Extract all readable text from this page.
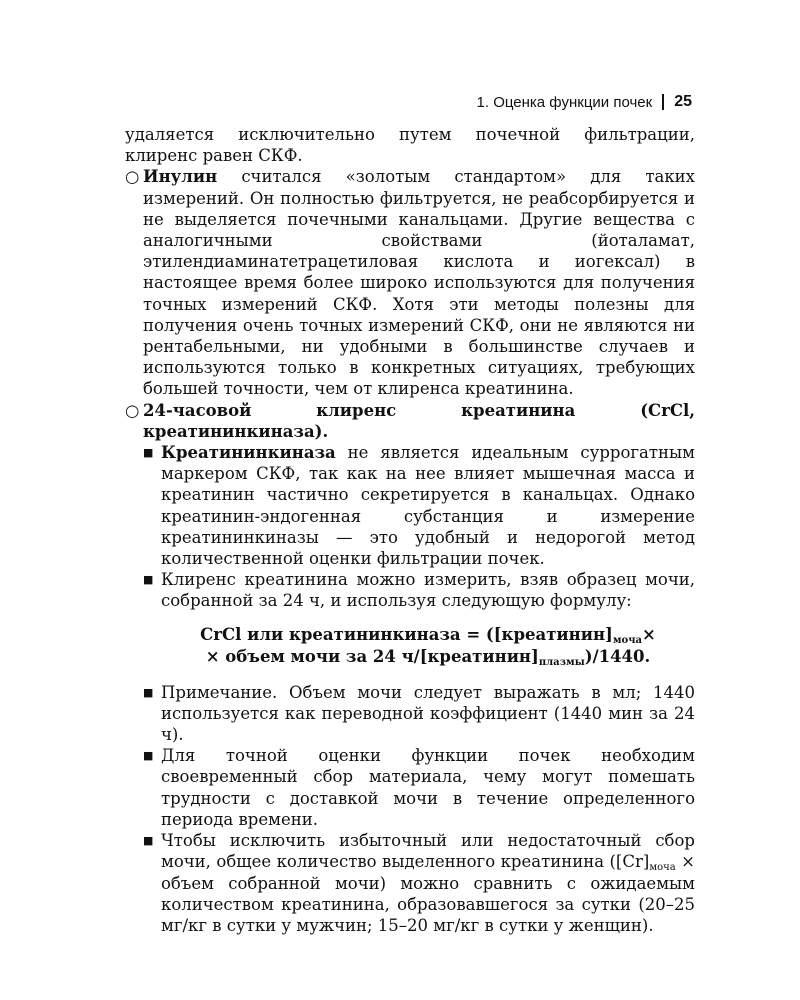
1. Оценка функции почек 25

удаляется исключительно путем почечной фильтрации, клиренс равен СКФ.

○ Инулин считался «золотым стандартом» для таких измерений. Он полностью фильтруется, не реабсорбируется и не выделяется почечными канальцами. Другие вещества с аналогичными свойствами (йоталамат, этилендиаминатетрацетиловая кислота и иогексал) в настоящее время более широко используются для получения точных измерений СКФ. Хотя эти методы полезны для получения очень точных измерений СКФ, они не являются ни рентабельными, ни удобными в большинстве случаев и используются только в конкретных ситуациях, требующих большей точности, чем от клиренса креатинина.
○ 24-часовой клиренс креатинина (CrCl, креатининкиназа).
■ Креатининкиназа не является идеальным суррогатным маркером СКФ, так как на нее влияет мышечная масса и креатинин частично секретируется в канальцах. Однако креатинин-эндогенная субстанция и измерение креатининкиназы — это удобный и недорогой метод количественной оценки фильтрации почек.
■ Клиренс креатинина можно измерить, взяв образец мочи, собранной за 24 ч, и используя следующую формулу:
CrCl или креатининкиназа = ($[креатинин]_{моча}\times$
× объем мочи за 24 $ч/[креатинин]_{плазмы})/1440$.
■ Примечание. Объем мочи следует выражать в мл; 1440 используется как переводной коэффициент (1440 мин за 24 ч).
■ Для точной оценки функции почек необходим своевременный сбор материала, чему могут помешать трудности с доставкой мочи в течение определенного периода времени.
■ Чтобы исключить избыточный или недостаточный сбор мочи, общее количество выделенного креатинина ($[Cr]_{моча}$ × объем собранной мочи) можно сравнить с ожидаемым количеством креатинина, образовавшегося за сутки (20–25 мг/кг в сутки у мужчин; 15–20 мг/кг в сутки у женщин).
